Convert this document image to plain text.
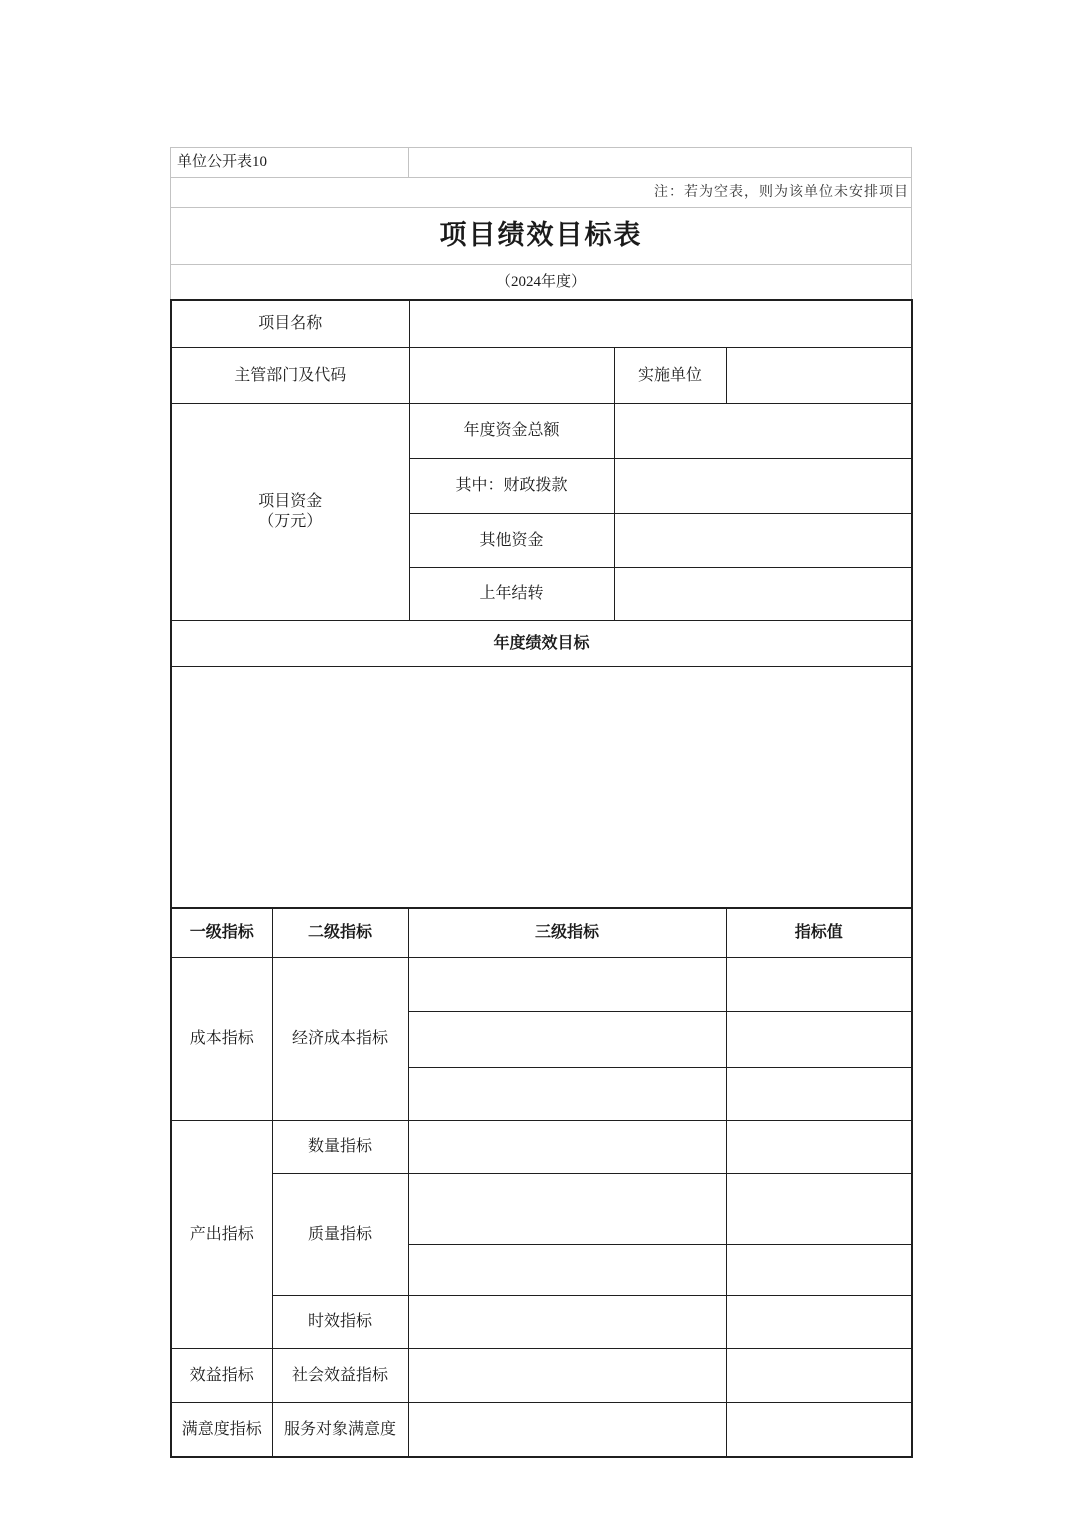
单位公开表10	
注：若为空表，则为该单位未安排项目
项目绩效目标表
（2024年度）
项目名称			
主管部门及代码		实施单位	

项目资金
（万元）	年度资金总额		
	其中：财政拨款		
	其他资金		
	上年结转		
年度绩效目标			

一级指标	二级指标	三级指标	指标值
成本指标	经济成本指标		

产出指标	数量指标		
	质量指标		

	时效指标		
效益指标	社会效益指标		
满意度指标	服务对象满意度		
